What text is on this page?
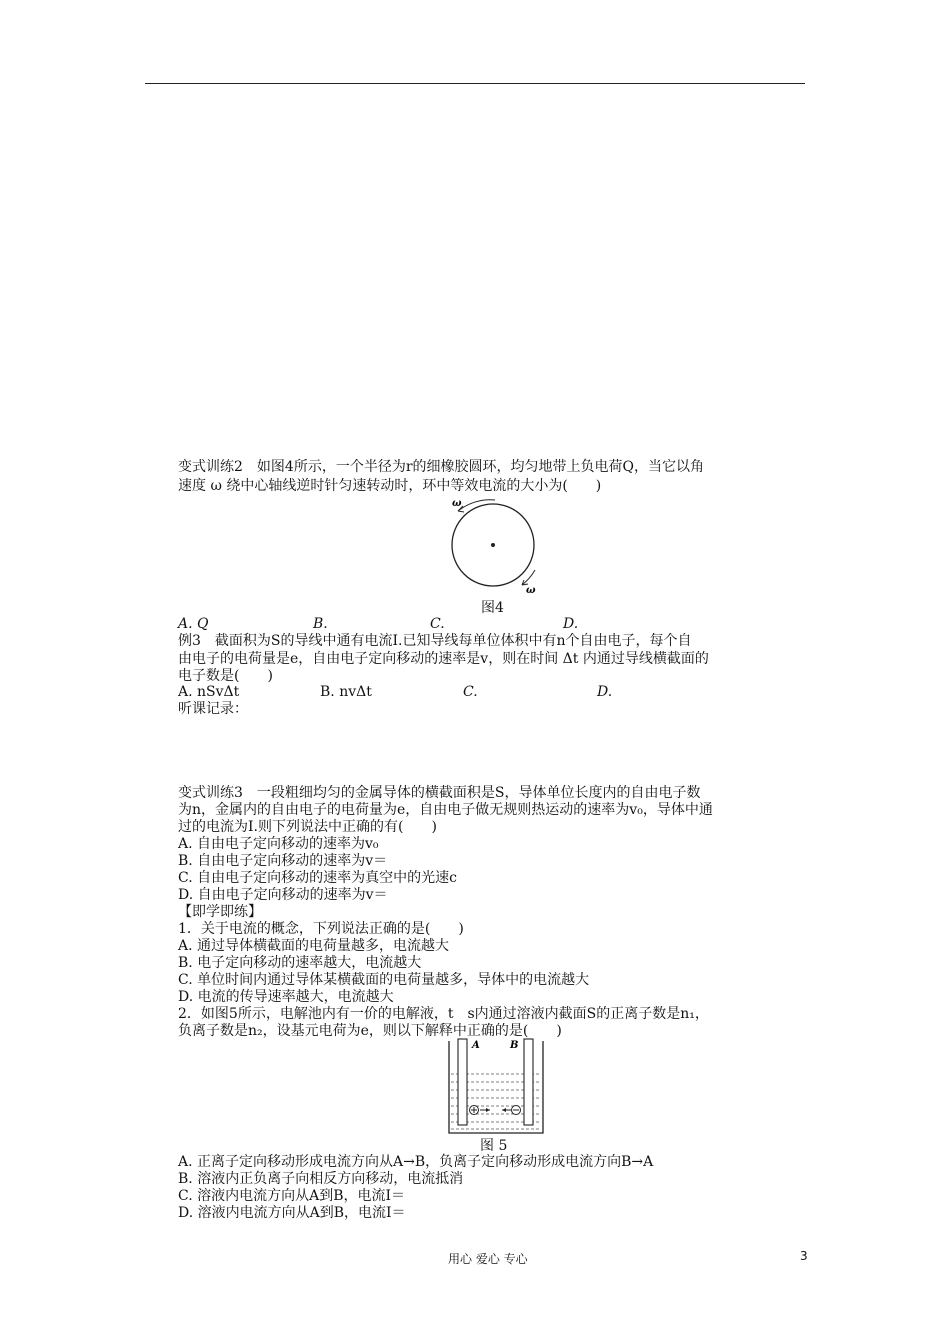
变式训练2　如图4所示，一个半径为r的细橡胶圆环，均匀地带上负电荷Q，当它以角
速度 ω 绕中心轴线逆时针匀速转动时，环中等效电流的大小为(　　)
ω
ω
图4
A. Q	B.	C.	D.
例3　截面积为S的导线中通有电流I.已知导线每单位体积中有n个自由电子，每个自
由电子的电荷量是e，自由电子定向移动的速率是v，则在时间 Δt 内通过导线横截面的
电子数是(　　)
A. nSvΔt	B. nvΔt	C.	D.
听课记录：
变式训练3　一段粗细均匀的金属导体的横截面积是S，导体单位长度内的自由电子数
为n，金属内的自由电子的电荷量为e，自由电子做无规则热运动的速率为v₀，导体中通
过的电流为I.则下列说法中正确的有(　　)
A. 自由电子定向移动的速率为v₀
B. 自由电子定向移动的速率为v＝
C. 自由电子定向移动的速率为真空中的光速c
D. 自由电子定向移动的速率为v＝
【即学即练】
1．关于电流的概念，下列说法正确的是(　　)
A. 通过导体横截面的电荷量越多，电流越大
B. 电子定向移动的速率越大，电流越大
C. 单位时间内通过导体某横截面的电荷量越多，导体中的电流越大
D. 电流的传导速率越大，电流越大
2．如图5所示，电解池内有一价的电解液，t　s内通过溶液内截面S的正离子数是n₁，
负离子数是n₂，设基元电荷为e，则以下解释中正确的是(　　)
A	B
图 5
A. 正离子定向移动形成电流方向从A→B，负离子定向移动形成电流方向B→A
B. 溶液内正负离子向相反方向移动，电流抵消
C. 溶液内电流方向从A到B，电流I＝
D. 溶液内电流方向从A到B，电流I＝
用心 爱心 专心	3
